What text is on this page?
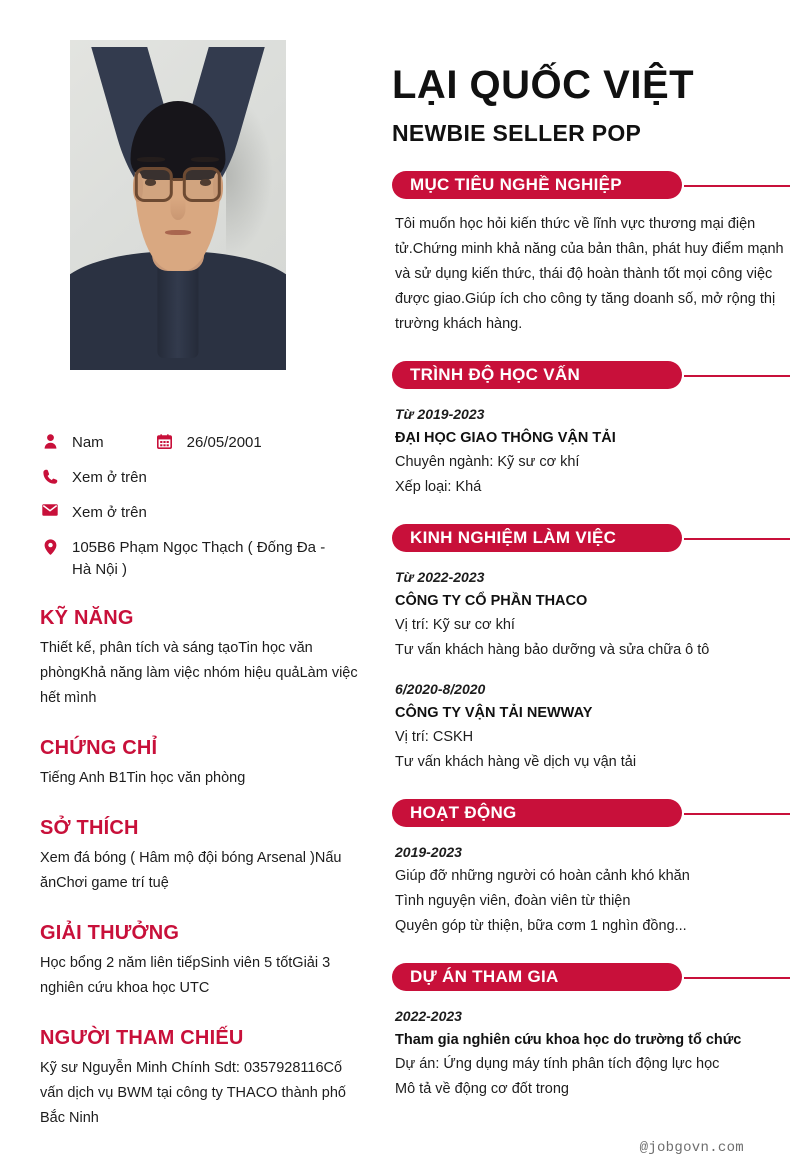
Nam	26/05/2001
Xem ở trên
Xem ở trên
105B6 Phạm Ngọc Thạch ( Đống Đa - Hà Nội )
KỸ NĂNG
Thiết kế, phân tích và sáng tạoTin học văn phòngKhả năng làm việc nhóm hiệu quảLàm việc hết mình
CHỨNG CHỈ
Tiếng Anh B1Tin học văn phòng
SỞ THÍCH
Xem đá bóng ( Hâm mộ đội bóng Arsenal )Nấu ănChơi game trí tuệ
GIẢI THƯỞNG
Học bổng 2 năm liên tiếpSinh viên 5 tốtGiải 3 nghiên cứu khoa học UTC
NGƯỜI THAM CHIẾU
Kỹ sư Nguyễn Minh Chính Sdt: 0357928116Cố vấn dịch vụ BWM tại công ty THACO thành phố Bắc Ninh
LẠI QUỐC VIỆT
NEWBIE SELLER POP
MỤC TIÊU NGHỀ NGHIỆP
Tôi muốn học hỏi kiến thức về lĩnh vực thương mại điện tử.Chứng minh khả năng của bản thân, phát huy điểm mạnh và sử dụng kiến thức, thái độ hoàn thành tốt mọi công việc được giao.Giúp ích cho công ty tăng doanh số, mở rộng thị trường khách hàng.
TRÌNH ĐỘ HỌC VẤN
Từ 2019-2023
ĐẠI HỌC GIAO THÔNG VẬN TẢI
Chuyên ngành: Kỹ sư cơ khí
Xếp loại: Khá
KINH NGHIỆM LÀM VIỆC
Từ 2022-2023
CÔNG TY CỔ PHẦN THACO
Vị trí: Kỹ sư cơ khí
Tư vấn khách hàng bảo dưỡng và sửa chữa ô tô
6/2020-8/2020
CÔNG TY VẬN TẢI NEWWAY
Vị trí: CSKH
Tư vấn khách hàng về dịch vụ vận tải
HOẠT ĐỘNG
2019-2023
Giúp đỡ những người có hoàn cảnh khó khăn
Tình nguyện viên, đoàn viên từ thiện
Quyên góp từ thiện, bữa cơm 1 nghìn đồng...
DỰ ÁN THAM GIA
2022-2023
Tham gia nghiên cứu khoa học do trường tổ chức
Dự án: Ứng dụng máy tính phân tích động lực học
Mô tả về động cơ đốt trong
@jobgovn.com
